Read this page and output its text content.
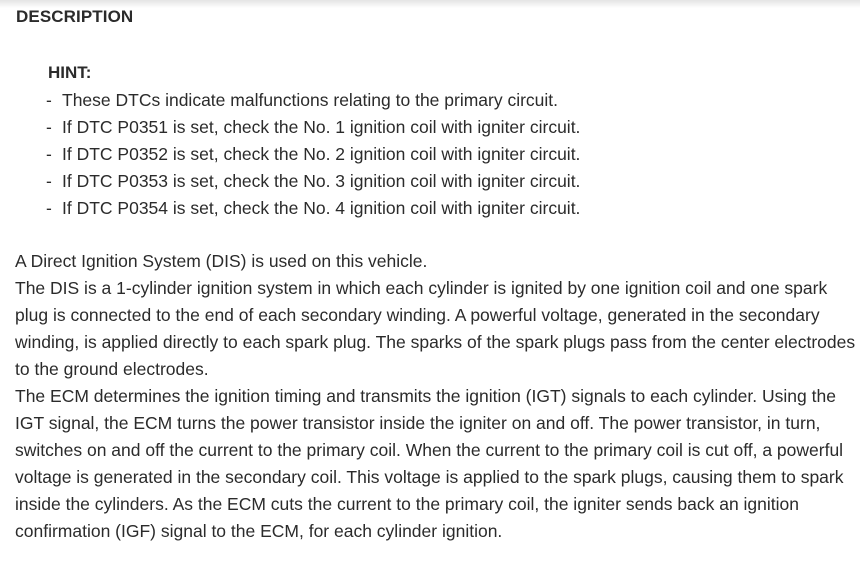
DESCRIPTION
HINT:
- These DTCs indicate malfunctions relating to the primary circuit.
- If DTC P0351 is set, check the No. 1 ignition coil with igniter circuit.
- If DTC P0352 is set, check the No. 2 ignition coil with igniter circuit.
- If DTC P0353 is set, check the No. 3 ignition coil with igniter circuit.
- If DTC P0354 is set, check the No. 4 ignition coil with igniter circuit.

A Direct Ignition System (DIS) is used on this vehicle.

The DIS is a 1-cylinder ignition system in which each cylinder is ignited by one ignition coil and one spark plug is connected to the end of each secondary winding. A powerful voltage, generated in the secondary winding, is applied directly to each spark plug. The sparks of the spark plugs pass from the center electrodes to the ground electrodes.

The ECM determines the ignition timing and transmits the ignition (IGT) signals to each cylinder. Using the IGT signal, the ECM turns the power transistor inside the igniter on and off. The power transistor, in turn, switches on and off the current to the primary coil. When the current to the primary coil is cut off, a powerful voltage is generated in the secondary coil. This voltage is applied to the spark plugs, causing them to spark inside the cylinders. As the ECM cuts the current to the primary coil, the igniter sends back an ignition confirmation (IGF) signal to the ECM, for each cylinder ignition.
